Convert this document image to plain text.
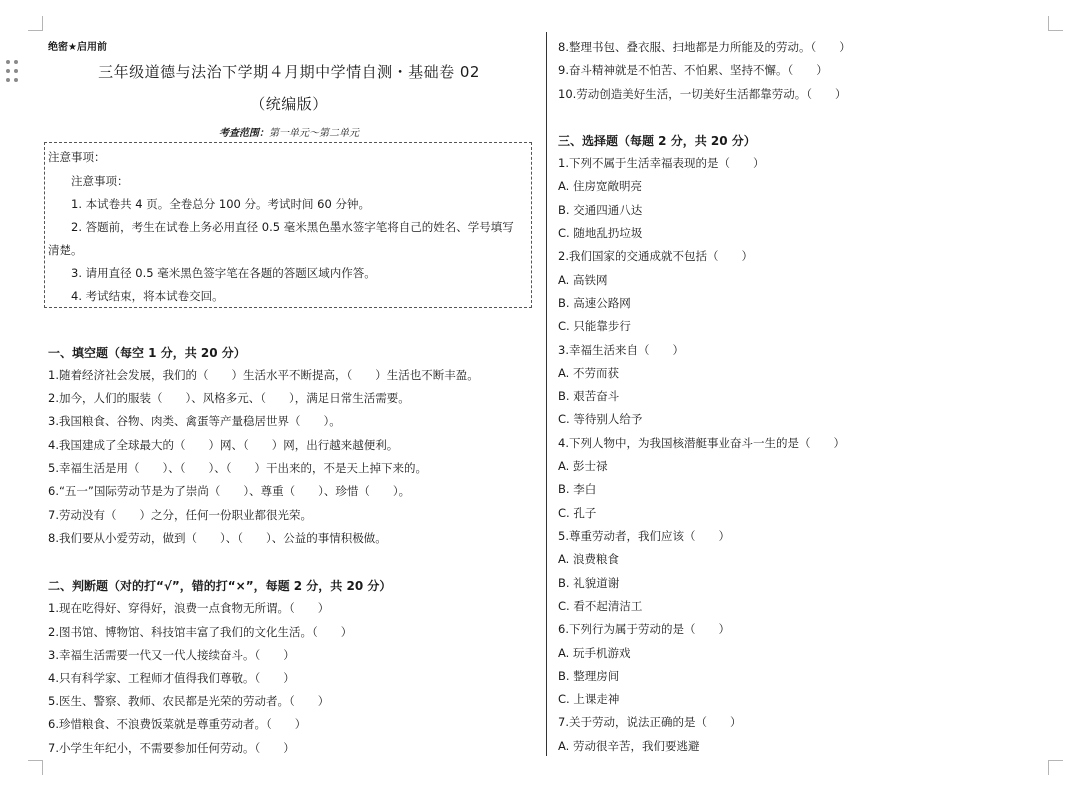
绝密★启用前
三年级道德与法治下学期４月期中学情自测・基础卷 02
（统编版）
考查范围：第一单元～第二单元
注意事项：
注意事项：
1. 本试卷共 4 页。全卷总分 100 分。考试时间 60 分钟。
2. 答题前，考生在试卷上务必用直径 0.5 毫米黑色墨水签字笔将自己的姓名、学号填写
清楚。
3. 请用直径 0.5 毫米黑色签字笔在各题的答题区域内作答。
4. 考试结束，将本试卷交回。
一、填空题（每空 1 分，共 20 分）
1.随着经济社会发展，我们的（　　）生活水平不断提高，（　　）生活也不断丰盈。
2.加今，人们的服装（　　）、风格多元、（　　），满足日常生活需要。
3.我国粮食、谷物、肉类、禽蛋等产量稳居世界（　　）。
4.我国建成了全球最大的（　　）网、（　　）网，出行越来越便利。
5.幸福生活是用（　　）、（　　）、（　　）干出来的，不是天上掉下来的。
6.“五一”国际劳动节是为了崇尚（　　）、尊重（　　）、珍惜（　　）。
7.劳动没有（　　）之分，任何一份职业都很光荣。
8.我们要从小爱劳动，做到（　　）、（　　）、公益的事情积极做。
二、判断题（对的打“√”，错的打“×”，每题 2 分，共 20 分）
1.现在吃得好、穿得好，浪费一点食物无所谓。（　　）
2.图书馆、博物馆、科技馆丰富了我们的文化生活。（　　）
3.幸福生活需要一代又一代人接续奋斗。（　　）
4.只有科学家、工程师才值得我们尊敬。（　　）
5.医生、警察、教师、农民都是光荣的劳动者。（　　）
6.珍惜粮食、不浪费饭菜就是尊重劳动者。（　　）
7.小学生年纪小，不需要参加任何劳动。（　　）
8.整理书包、叠衣服、扫地都是力所能及的劳动。（　　）
9.奋斗精神就是不怕苦、不怕累、坚持不懈。（　　）
10.劳动创造美好生活，一切美好生活都靠劳动。（　　）
三、选择题（每题 2 分，共 20 分）
1.下列不属于生活幸福表现的是（　　）
A. 住房宽敞明亮
B. 交通四通八达
C. 随地乱扔垃圾
2.我们国家的交通成就不包括（　　）
A. 高铁网
B. 高速公路网
C. 只能靠步行
3.幸福生活来自（　　）
A. 不劳而获
B. 艰苦奋斗
C. 等待别人给予
4.下列人物中，为我国核潜艇事业奋斗一生的是（　　）
A. 彭士禄
B. 李白
C. 孔子
5.尊重劳动者，我们应该（　　）
A. 浪费粮食
B. 礼貌道谢
C. 看不起清洁工
6.下列行为属于劳动的是（　　）
A. 玩手机游戏
B. 整理房间
C. 上课走神
7.关于劳动，说法正确的是（　　）
A. 劳动很辛苦，我们要逃避
